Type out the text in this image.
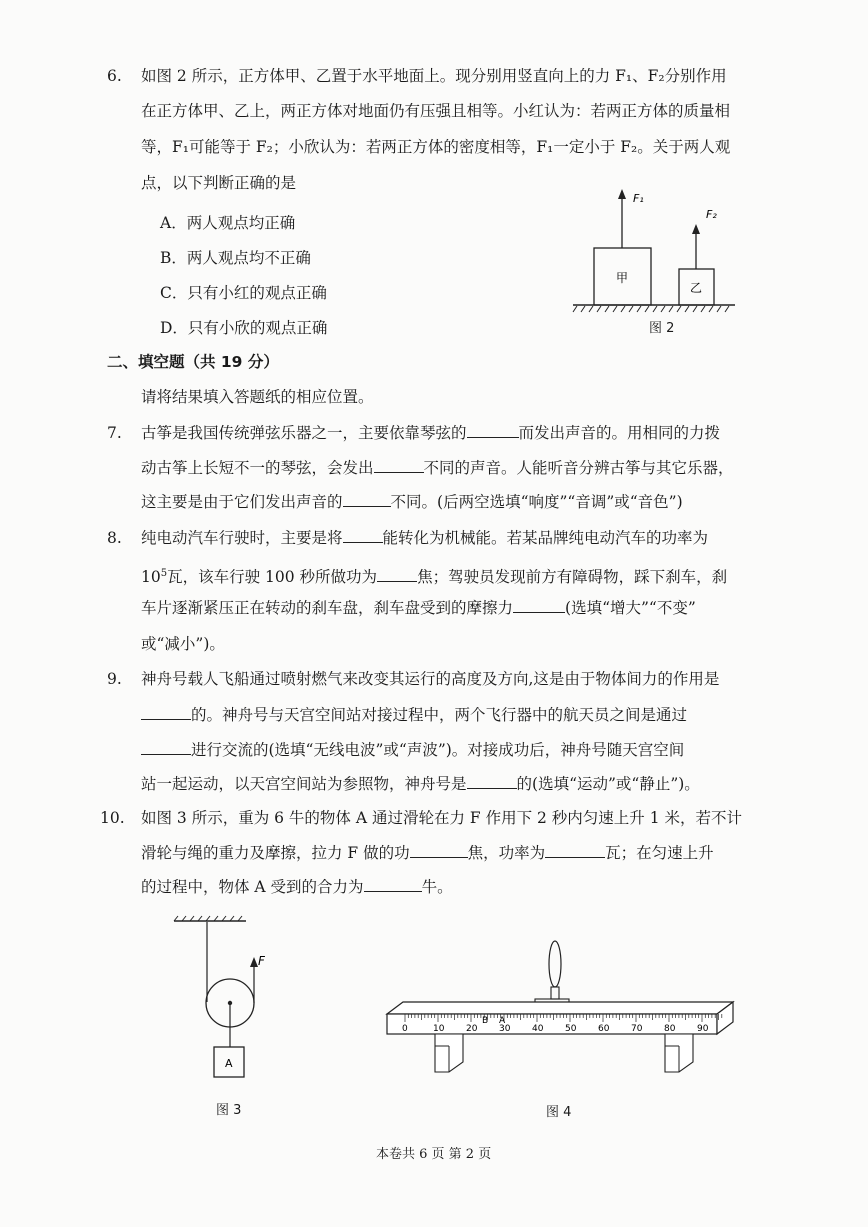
6. 如图 2 所示，正方体甲、乙置于水平地面上。现分别用竖直向上的力 F₁、F₂分别作用
在正方体甲、乙上，两正方体对地面仍有压强且相等。小红认为：若两正方体的质量相
等，F₁可能等于 F₂；小欣认为：若两正方体的密度相等，F₁一定小于 F₂。关于两人观
点，以下判断正确的是
A．两人观点均正确
B．两人观点均不正确
C．只有小红的观点正确
D．只有小欣的观点正确
F₁
F₂
甲
乙
图 2
二、填空题（共 19 分）
请将结果填入答题纸的相应位置。
7. 古筝是我国传统弹弦乐器之一，主要依靠琴弦的	而发出声音的。用相同的力拨
动古筝上长短不一的琴弦，会发出	不同的声音。人能听音分辨古筝与其它乐器，
这主要是由于它们发出声音的	不同。(后两空选填“响度”“音调”或“音色”)
8. 纯电动汽车行驶时，主要是将	能转化为机械能。若某品牌纯电动汽车的功率为
$10^5$瓦，该车行驶 100 秒所做功为	焦；驾驶员发现前方有障碍物，踩下刹车，刹
车片逐渐紧压正在转动的刹车盘，刹车盘受到的摩擦力	(选填“增大”“不变”
或“减小”)。
9. 神舟号载人飞船通过喷射燃气来改变其运行的高度及方向,这是由于物体间力的作用是
的。神舟号与天宫空间站对接过程中，两个飞行器中的航天员之间是通过
进行交流的(选填“无线电波”或“声波”)。对接成功后，神舟号随天宫空间
站一起运动，以天宫空间站为参照物，神舟号是	的(选填“运动”或“静止”)。
10. 如图 3 所示，重为 6 牛的物体 A 通过滑轮在力 F 作用下 2 秒内匀速上升 1 米，若不计
滑轮与绳的重力及摩擦，拉力 F 做的功	焦，功率为	瓦；在匀速上升
的过程中，物体 A 受到的合力为	牛。
F
A
图 3
0	10 20 30 40 50 60 70 80 90
B A
图 4
本卷共 6 页 第 2 页
